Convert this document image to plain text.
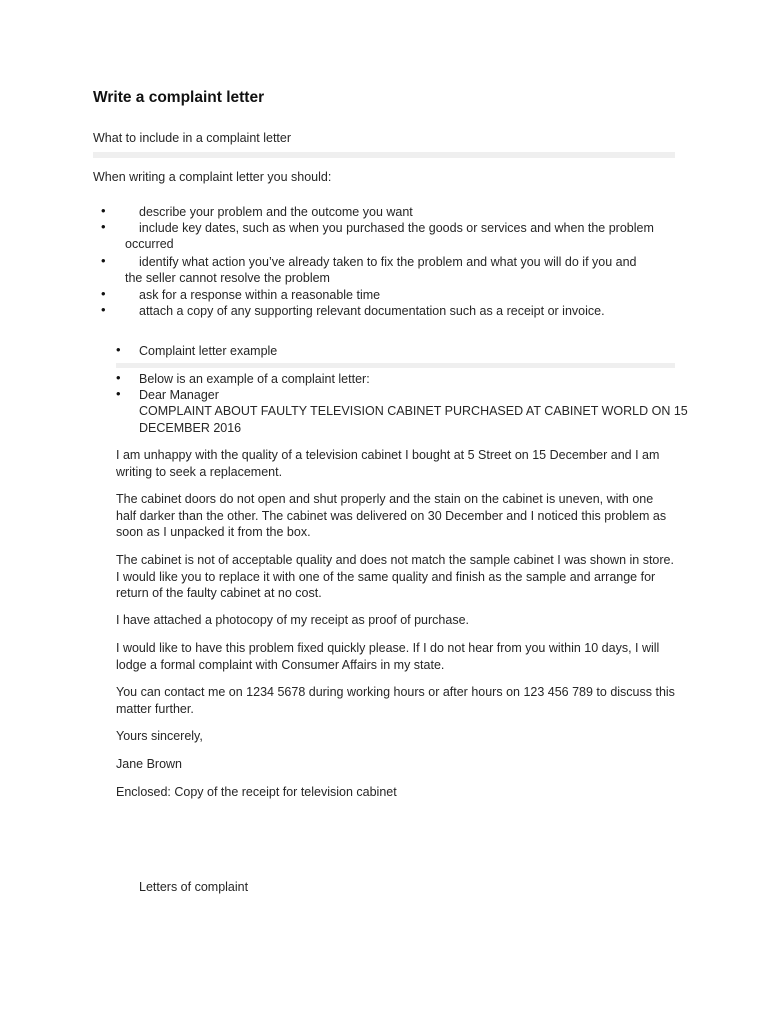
Write a complaint letter
What to include in a complaint letter
When writing a complaint letter you should:
•	describe your problem and the outcome you want
•	include key dates, such as when you purchased the goods or services and when the problem
occurred
•	identify what action you’ve already taken to fix the problem and what you will do if you and
the seller cannot resolve the problem
•	ask for a response within a reasonable time
•	attach a copy of any supporting relevant documentation such as a receipt or invoice.
• Complaint letter example
• Below is an example of a complaint letter:
• Dear Manager
COMPLAINT ABOUT FAULTY TELEVISION CABINET PURCHASED AT CABINET WORLD ON 15
DECEMBER 2016
I am unhappy with the quality of a television cabinet I bought at 5 Street on 15 December and I am writing to seek a replacement.
The cabinet doors do not open and shut properly and the stain on the cabinet is uneven, with one half darker than the other. The cabinet was delivered on 30 December and I noticed this problem as soon as I unpacked it from the box.
The cabinet is not of acceptable quality and does not match the sample cabinet I was shown in store. I would like you to replace it with one of the same quality and finish as the sample and arrange for return of the faulty cabinet at no cost.
I have attached a photocopy of my receipt as proof of purchase.
I would like to have this problem fixed quickly please. If I do not hear from you within 10 days, I will lodge a formal complaint with Consumer Affairs in my state.
You can contact me on 1234 5678 during working hours or after hours on 123 456 789 to discuss this matter further.
Yours sincerely,
Jane Brown
Enclosed: Copy of the receipt for television cabinet
Letters of complaint
